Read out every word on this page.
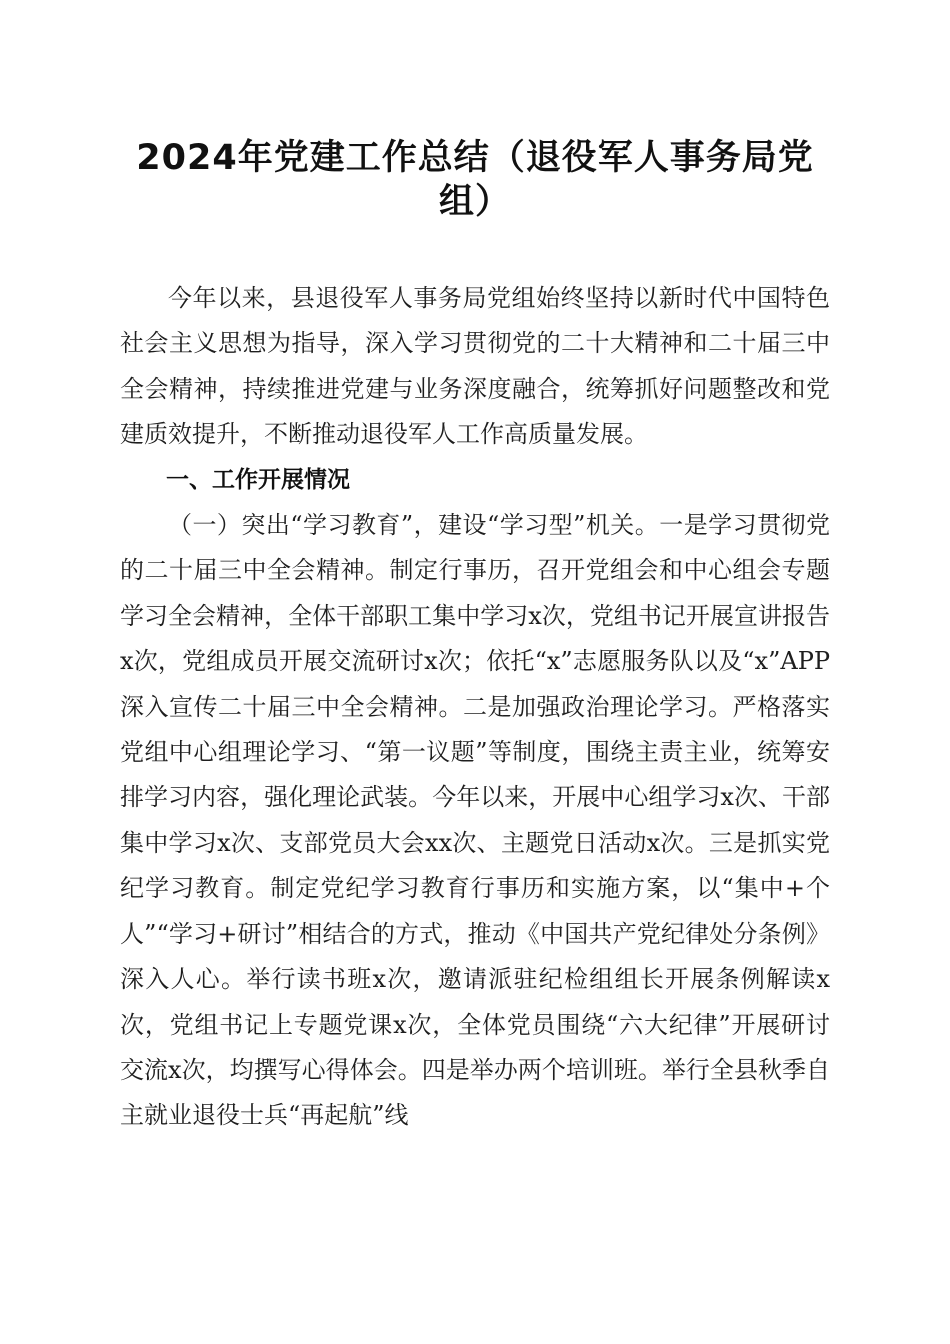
2024年党建工作总结（退役军人事务局党组）

今年以来，县退役军人事务局党组始终坚持以新时代中国特色社会主义思想为指导，深入学习贯彻党的二十大精神和二十届三中全会精神，持续推进党建与业务深度融合，统筹抓好问题整改和党建质效提升，不断推动退役军人工作高质量发展。

一、工作开展情况

（一）突出“学习教育”，建设“学习型”机关。一是学习贯彻党的二十届三中全会精神。制定行事历，召开党组会和中心组会专题学习全会精神，全体干部职工集中学习x次，党组书记开展宣讲报告x次，党组成员开展交流研讨x次；依托“x”志愿服务队以及“x”APP深入宣传二十届三中全会精神。二是加强政治理论学习。严格落实党组中心组理论学习、“第一议题”等制度，围绕主责主业，统筹安排学习内容，强化理论武装。今年以来，开展中心组学习x次、干部集中学习x次、支部党员大会xx次、主题党日活动x次。三是抓实党纪学习教育。制定党纪学习教育行事历和实施方案，以“集中+个人”“学习+研讨”相结合的方式，推动《中国共产党纪律处分条例》深入人心。举行读书班x次，邀请派驻纪检组组长开展条例解读x次，党组书记上专题党课x次，全体党员围绕“六大纪律”开展研讨交流x次，均撰写心得体会。四是举办两个培训班。举行全县秋季自主就业退役士兵“再起航”线
